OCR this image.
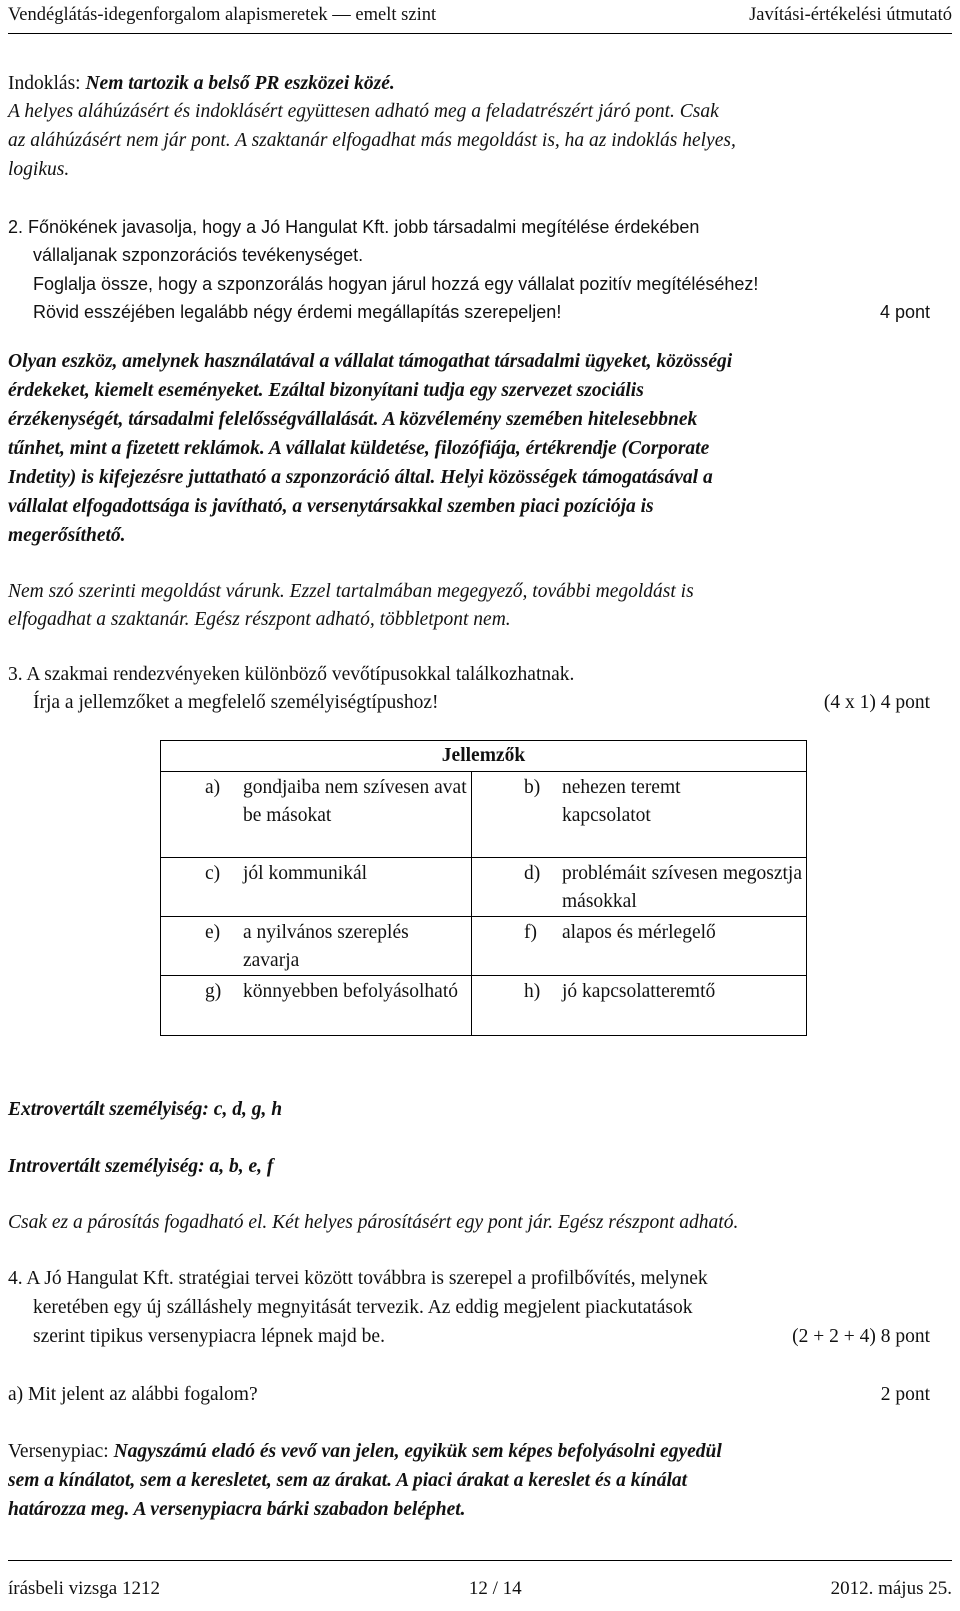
Vendéglátás-idegenforgalom alapismeretek — emelt szint	Javítási-értékelési útmutató
Indoklás: Nem tartozik a belső PR eszközei közé.
A helyes aláhúzásért és indoklásért együttesen adható meg a feladatrészért járó pont. Csak
az aláhúzásért nem jár pont. A szaktanár elfogadhat más megoldást is, ha az indoklás helyes,
logikus.
2. Főnökének javasolja, hogy a Jó Hangulat Kft. jobb társadalmi megítélése érdekében
vállaljanak szponzorációs tevékenységet.
Foglalja össze, hogy a szponzorálás hogyan járul hozzá egy vállalat pozitív megítéléséhez!
Rövid esszéjében legalább négy érdemi megállapítás szerepeljen!	4 pont
Olyan eszköz, amelynek használatával a vállalat támogathat társadalmi ügyeket, közösségi
érdekeket, kiemelt eseményeket. Ezáltal bizonyítani tudja egy szervezet szociális
érzékenységét, társadalmi felelősségvállalását. A közvélemény szemében hitelesebbnek
tűnhet, mint a fizetett reklámok. A vállalat küldetése, filozófiája, értékrendje (Corporate
Indetity) is kifejezésre juttatható a szponzoráció által. Helyi közösségek támogatásával a
vállalat elfogadottsága is javítható, a versenytársakkal szemben piaci pozíciója is
megerősíthető.
Nem szó szerinti megoldást várunk. Ezzel tartalmában megegyező, további megoldást is
elfogadhat a szaktanár. Egész részpont adható, többletpont nem.
3. A szakmai rendezvényeken különböző vevőtípusokkal találkozhatnak.
Írja a jellemzőket a megfelelő személyiségtípushoz!	(4 x 1) 4 pont

Jellemzők	

a) gondjaiba nem szívesen avat be másokat	b) nehezen teremt kapcsolatot

c) jól kommunikál	d) problémáit szívesen megosztja másokkal

e) a nyilvános szereplés zavarja	f) alapos és mérlegelő

g) könnyebben befolyásolható	h) jó kapcsolatteremtő
Extrovertált személyiség: c, d, g, h
Introvertált személyiség: a, b, e, f
Csak ez a párosítás fogadható el. Két helyes párosításért egy pont jár. Egész részpont adható.
4. A Jó Hangulat Kft. stratégiai tervei között továbbra is szerepel a profilbővítés, melynek
keretében egy új szálláshely megnyitását tervezik. Az eddig megjelent piackutatások
szerint tipikus versenypiacra lépnek majd be.	(2 + 2 + 4) 8 pont
a) Mit jelent az alábbi fogalom?	2 pont
Versenypiac: Nagyszámú eladó és vevő van jelen, egyikük sem képes befolyásolni egyedül
sem a kínálatot, sem a keresletet, sem az árakat. A piaci árakat a kereslet és a kínálat
határozza meg. A versenypiacra bárki szabadon beléphet.
írásbeli vizsga 1212	12 / 14	2012. május 25.
